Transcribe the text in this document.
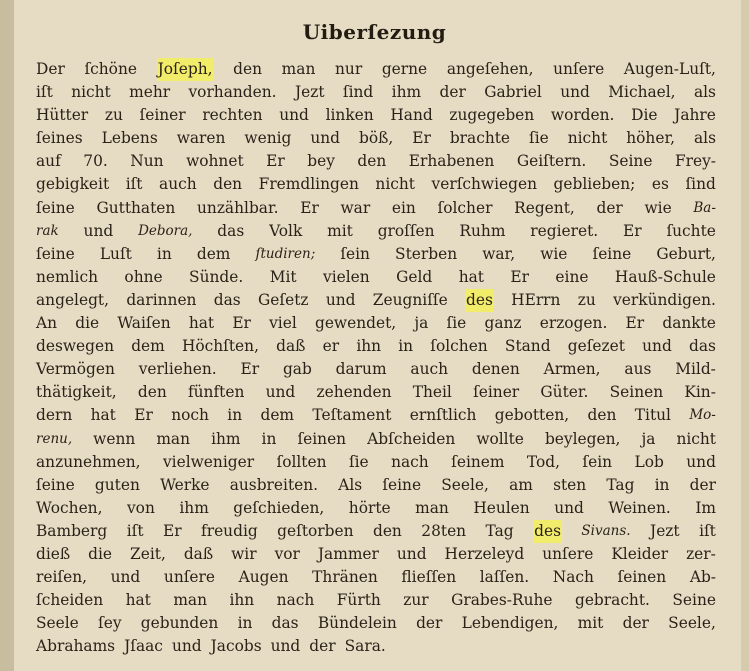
Uiberſezung
Der ſchöne Joſeph, den man nur gerne angeſehen, unſere Augen-Luſt,
iſt nicht mehr vorhanden. Jezt ſind ihm der Gabriel und Michael, als
Hütter zu ſeiner rechten und linken Hand zugegeben worden. Die Jahre
ſeines Lebens waren wenig und böß, Er brachte ſie nicht höher, als
auf 70. Nun wohnet Er bey den Erhabenen Geiſtern. Seine Frey-
gebigkeit iſt auch den Fremdlingen nicht verſchwiegen geblieben; es ſind
ſeine Gutthaten unzählbar. Er war ein ſolcher Regent, der wie Ba-
rak und Debora, das Volk mit groſſen Ruhm regieret. Er ſuchte
ſeine Luſt in dem ſtudiren; ſein Sterben war, wie ſeine Geburt,
nemlich ohne Sünde. Mit vielen Geld hat Er eine Hauß-Schule
angelegt, darinnen das Geſetz und Zeugniſſe des HErrn zu verkündigen.
An die Waiſen hat Er viel gewendet, ja ſie ganz erzogen. Er dankte
deswegen dem Höchſten, daß er ihn in ſolchen Stand geſezet und das
Vermögen verliehen. Er gab darum auch denen Armen, aus Mild-
thätigkeit, den fünften und zehenden Theil ſeiner Güter. Seinen Kin-
dern hat Er noch in dem Teſtament ernſtlich gebotten, den Titul Mo-
renu, wenn man ihm in ſeinen Abſcheiden wollte beylegen, ja nicht
anzunehmen, vielweniger ſollten ſie nach ſeinem Tod, ſein Lob und
ſeine guten Werke ausbreiten. Als ſeine Seele, am sten Tag in der
Wochen, von ihm geſchieden, hörte man Heulen und Weinen. Im
Bamberg iſt Er freudig geſtorben den 28ten Tag des Sivans. Jezt iſt
dieß die Zeit, daß wir vor Jammer und Herzeleyd unſere Kleider zer-
reiſen, und unſere Augen Thränen flieſſen laſſen. Nach ſeinen Ab-
ſcheiden hat man ihn nach Fürth zur Grabes-Ruhe gebracht. Seine
Seele ſey gebunden in das Bündelein der Lebendigen, mit der Seele,
Abrahams Jſaac und Jacobs und der Sara.
